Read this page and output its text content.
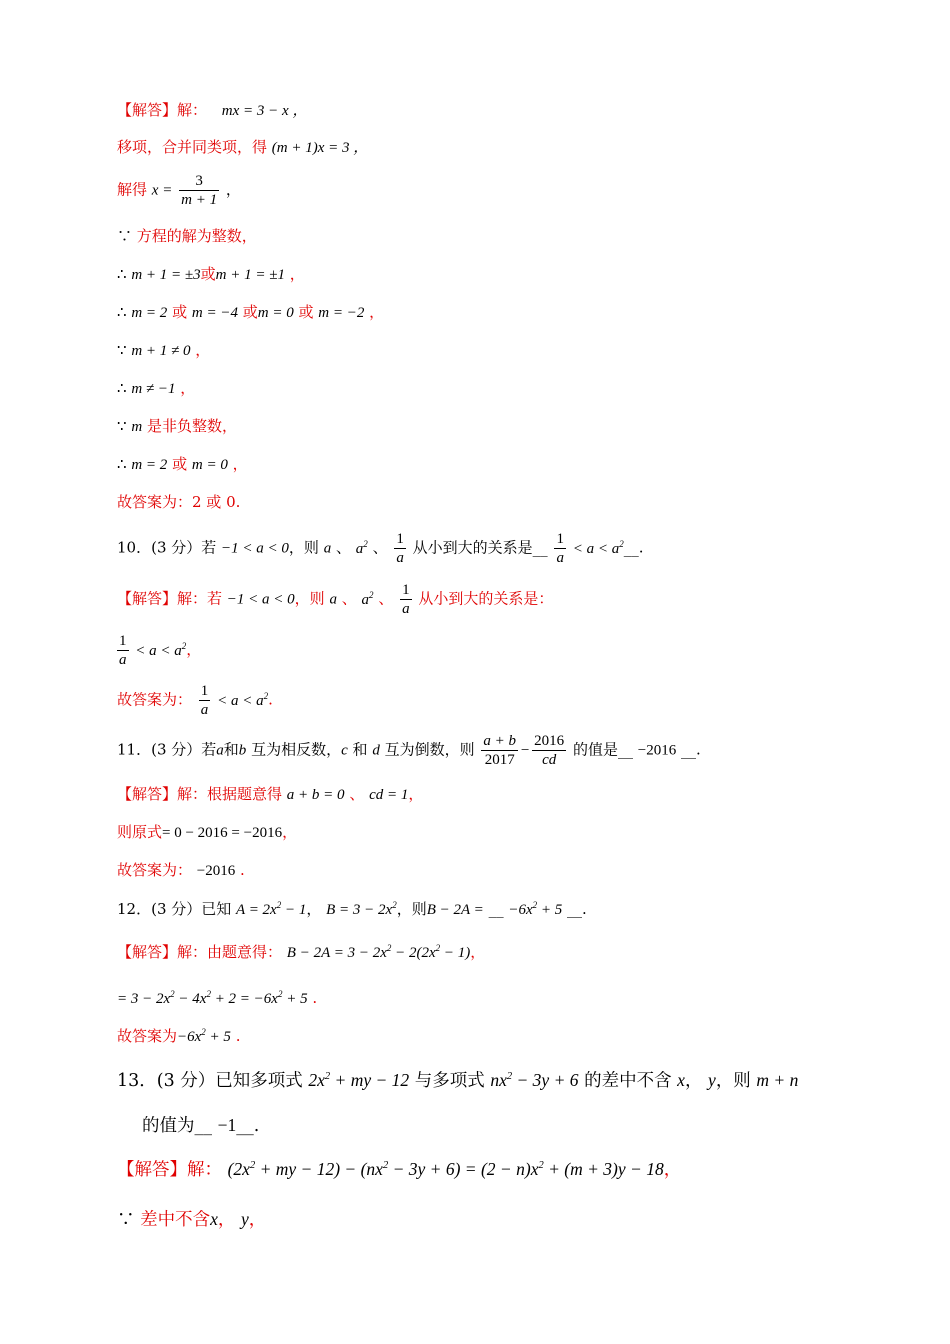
【解答】解： mx = 3 − x ，
移项，合并同类项，得 (m + 1)x = 3 ，
解得 $x = \frac{3}{m + 1}$ ，
∵ 方程的解为整数，
∴ m + 1 = ±3或m + 1 = ±1 ，
∴ m = 2 或 m = −4 或m = 0 或 m = −2 ，
∵ m + 1 ≠ 0 ，
∴ m ≠ −1 ，
∵ m 是非负整数，
∴ m = 2 或 m = 0 ，
故答案为：2 或 0.
10．(3 分）若 −1 < a < 0，则 a 、 $a^2$ 、 $\frac{1}{a}$ 从小到大的关系是__ $\frac{1}{a} < a$ < $a^2\_\_$.
【解答】解：若 −1 < a < 0，则 a 、 $a^2$ 、 $\frac{1}{a}$ 从小到大的关系是：
$\frac{1}{a} < a < a^2$，
故答案为： $\frac{1}{a} < a < a^2$.
11．(3 分）若a和b 互为相反数，c 和 d 互为倒数，则 $\frac{a + b}{2017} - \frac{2016}{cd}$ 的值是__ −2016 __.
【解答】解：根据题意得 a + b = 0 、 cd = 1，
则原式= 0 − 2016 = −2016，
故答案为： −2016 .
12．(3 分）已知 $A = 2x^2 - 1$， $B = 3 - 2x^2$，则B − 2A = __ $-6x^2 + 5$ __.
【解答】解：由题意得： $B - 2A = 3 - 2x^2 - 2(2x^2 - 1)$，
= $3 - 2x^2 - 4x^2 + 2 = -6x^2 + 5$ .
故答案为$-6x^2 + 5$ .
13．(3 分）已知多项式 $2x^2$ + my − 12 与多项式 $nx^2 - 3y + 6$ 的差中不含 x， y，则 m + n
的值为__ −1__.
【解答】解： ($2x^2$ + my − $12) - (nx^2 - 3y + 6) = (2 - n)x^2 + (m + 3)y - 18$，
∵ 差中不含x， y，
